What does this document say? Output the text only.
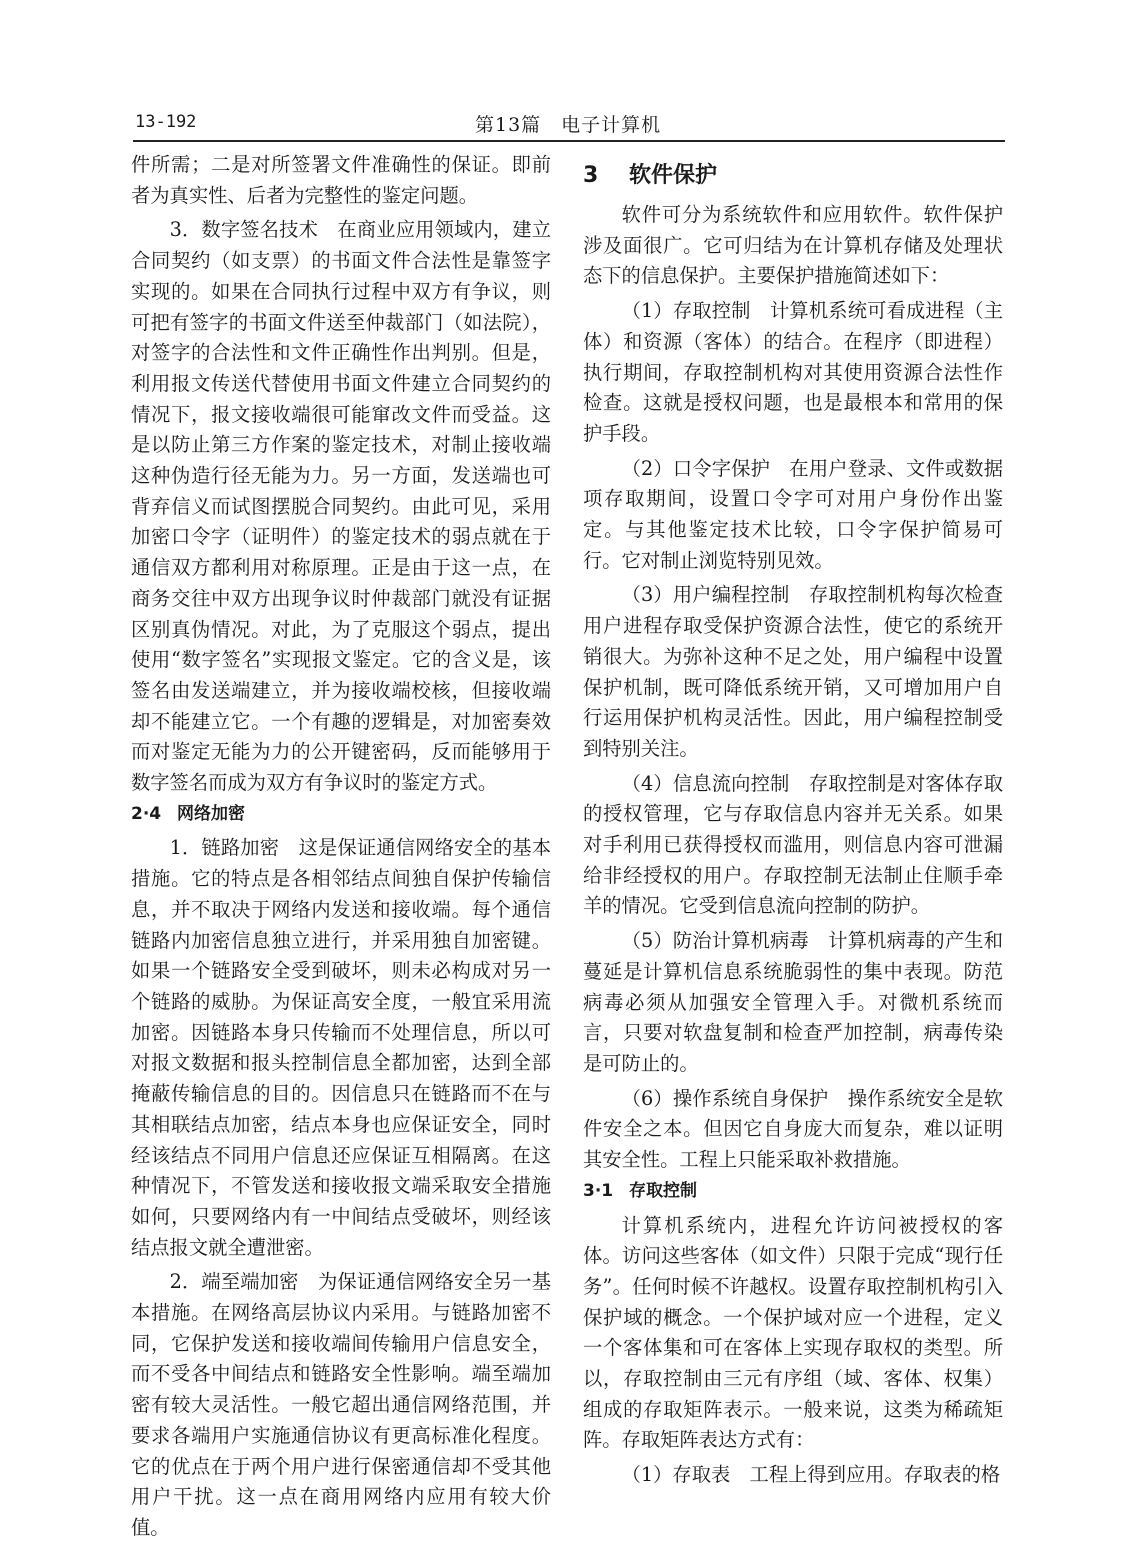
13-192	第13篇　电子计算机

件所需；二是对所签署文件准确性的保证。即前者为真实性、后者为完整性的鉴定问题。

3．数字签名技术　在商业应用领域内，建立合同契约（如支票）的书面文件合法性是靠签字实现的。如果在合同执行过程中双方有争议，则可把有签字的书面文件送至仲裁部门（如法院），对签字的合法性和文件正确性作出判别。但是，利用报文传送代替使用书面文件建立合同契约的情况下，报文接收端很可能窜改文件而受益。这是以防止第三方作案的鉴定技术，对制止接收端这种伪造行径无能为力。另一方面，发送端也可背弃信义而试图摆脱合同契约。由此可见，采用加密口令字（证明件）的鉴定技术的弱点就在于通信双方都利用对称原理。正是由于这一点，在商务交往中双方出现争议时仲裁部门就没有证据区别真伪情况。对此，为了克服这个弱点，提出使用“数字签名”实现报文鉴定。它的含义是，该签名由发送端建立，并为接收端校核，但接收端却不能建立它。一个有趣的逻辑是，对加密奏效而对鉴定无能为力的公开键密码，反而能够用于数字签名而成为双方有争议时的鉴定方式。

2·4 网络加密

1．链路加密　这是保证通信网络安全的基本措施。它的特点是各相邻结点间独自保护传输信息，并不取决于网络内发送和接收端。每个通信链路内加密信息独立进行，并采用独自加密键。如果一个链路安全受到破坏，则未必构成对另一个链路的威胁。为保证高安全度，一般宜采用流加密。因链路本身只传输而不处理信息，所以可对报文数据和报头控制信息全都加密，达到全部掩蔽传输信息的目的。因信息只在链路而不在与其相联结点加密，结点本身也应保证安全，同时经该结点不同用户信息还应保证互相隔离。在这种情况下，不管发送和接收报文端采取安全措施如何，只要网络内有一中间结点受破坏，则经该结点报文就全遭泄密。

2．端至端加密　为保证通信网络安全另一基本措施。在网络高层协议内采用。与链路加密不同，它保护发送和接收端间传输用户信息安全，而不受各中间结点和链路安全性影响。端至端加密有较大灵活性。一般它超出通信网络范围，并要求各端用户实施通信协议有更高标准化程度。它的优点在于两个用户进行保密通信却不受其他用户干扰。这一点在商用网络内应用有较大价值。

3 软件保护

软件可分为系统软件和应用软件。软件保护涉及面很广。它可归结为在计算机存储及处理状态下的信息保护。主要保护措施简述如下：

（1）存取控制　计算机系统可看成进程（主体）和资源（客体）的结合。在程序（即进程）执行期间，存取控制机构对其使用资源合法性作检查。这就是授权问题，也是最根本和常用的保护手段。

（2）口令字保护　在用户登录、文件或数据项存取期间，设置口令字可对用户身份作出鉴定。与其他鉴定技术比较，口令字保护简易可行。它对制止浏览特别见效。

（3）用户编程控制　存取控制机构每次检查用户进程存取受保护资源合法性，使它的系统开销很大。为弥补这种不足之处，用户编程中设置保护机制，既可降低系统开销，又可增加用户自行运用保护机构灵活性。因此，用户编程控制受到特别关注。

（4）信息流向控制　存取控制是对客体存取的授权管理，它与存取信息内容并无关系。如果对手利用已获得授权而滥用，则信息内容可泄漏给非经授权的用户。存取控制无法制止住顺手牵羊的情况。它受到信息流向控制的防护。

（5）防治计算机病毒　计算机病毒的产生和蔓延是计算机信息系统脆弱性的集中表现。防范病毒必须从加强安全管理入手。对微机系统而言，只要对软盘复制和检查严加控制，病毒传染是可防止的。

（6）操作系统自身保护　操作系统安全是软件安全之本。但因它自身庞大而复杂，难以证明其安全性。工程上只能采取补救措施。

3·1 存取控制

计算机系统内，进程允许访问被授权的客体。访问这些客体（如文件）只限于完成“现行任务”。任何时候不许越权。设置存取控制机构引入保护域的概念。一个保护域对应一个进程，定义一个客体集和可在客体上实现存取权的类型。所以，存取控制由三元有序组（域、客体、权集）组成的存取矩阵表示。一般来说，这类为稀疏矩阵。存取矩阵表达方式有：

（1）存取表　工程上得到应用。存取表的格
